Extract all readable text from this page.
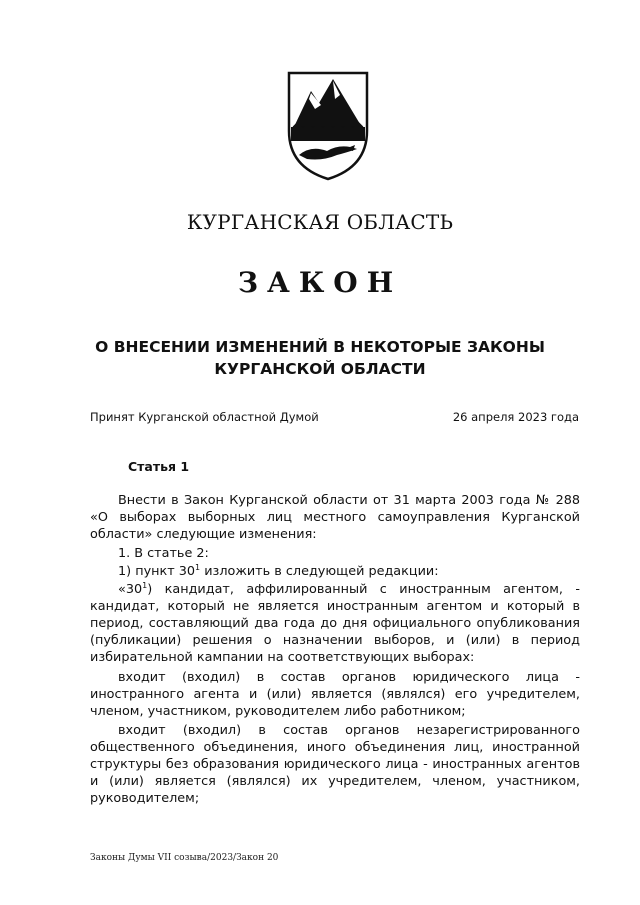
КУРГАНСКАЯ ОБЛАСТЬ
ЗАКОН
О ВНЕСЕНИИ ИЗМЕНЕНИЙ В НЕКОТОРЫЕ ЗАКОНЫ
КУРГАНСКОЙ ОБЛАСТИ
Принят Курганской областной Думой	26 апреля 2023 года
Статья 1
Внести в Закон Курганской области от 31 марта 2003 года № 288 «О выборах выборных лиц местного самоуправления Курганской области» следующие изменения:
1. В статье 2:
1) пункт $30^1$ изложить в следующей редакции:
«$30^1$) кандидат, аффилированный с иностранным агентом, - кандидат, который не является иностранным агентом и который в период, составляющий два года до дня официального опубликования (публикации) решения о назначении выборов, и (или) в период избирательной кампании на соответствующих выборах:
входит (входил) в состав органов юридического лица - иностранного агента и (или) является (являлся) его учредителем, членом, участником, руководителем либо работником;
входит (входил) в состав органов незарегистрированного общественного объединения, иного объединения лиц, иностранной структуры без образования юридического лица - иностранных агентов и (или) является (являлся) их учредителем, членом, участником, руководителем;
Законы Думы VII созыва/2023/Закон 20
